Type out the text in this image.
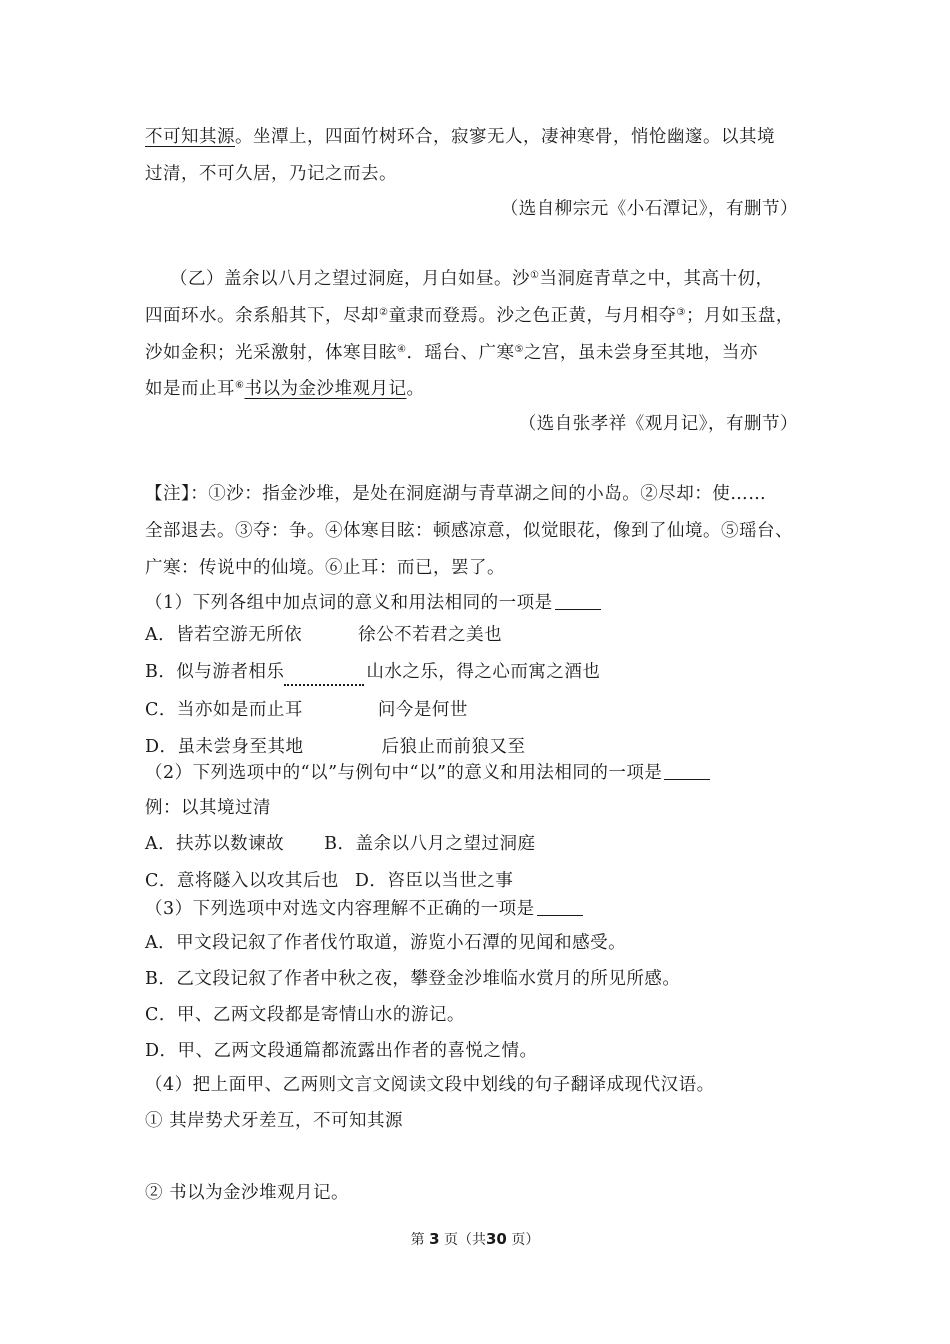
不可知其源。坐潭上，四面竹树环合，寂寥无人，凄神寒骨，悄怆幽邃。以其境
过清，不可久居，乃记之而去。
（选自柳宗元《小石潭记》，有删节）
（乙）盖余以八月之望过洞庭，月白如昼。沙①当洞庭青草之中，其高十仞，
四面环水。余系船其下，尽却②童隶而登焉。沙之色正黄，与月相夺③；月如玉盘，
沙如金积；光采激射，体寒目眩④．瑶台、广寒⑤之宫，虽未尝身至其地，当亦
如是而止耳⑥书以为金沙堆观月记。
（选自张孝祥《观月记》，有删节）
【注】：①沙：指金沙堆，是处在洞庭湖与青草湖之间的小岛。②尽却：使……
全部退去。③夺：争。④体寒目眩：顿感凉意，似觉眼花，像到了仙境。⑤瑶台、
广寒：传说中的仙境。⑥止耳：而已，罢了。
（1）下列各组中加点词的意义和用法相同的一项是
A．皆若空游无所依	徐公不若君之美也
B．似与游者相乐	山水之乐，得之心而寓之酒也
C．当亦如是而止耳	问今是何世
D．虽未尝身至其地	后狼止而前狼又至
（2）下列选项中的“以”与例句中“以”的意义和用法相同的一项是
例：以其境过清
A．扶苏以数谏故 B．盖余以八月之望过洞庭
C．意将隧入以攻其后也 D．咨臣以当世之事
（3）下列选项中对选文内容理解不正确的一项是
A．甲文段记叙了作者伐竹取道，游览小石潭的见闻和感受。
B．乙文段记叙了作者中秋之夜，攀登金沙堆临水赏月的所见所感。
C．甲、乙两文段都是寄情山水的游记。
D．甲、乙两文段通篇都流露出作者的喜悦之情。
（4）把上面甲、乙两则文言文阅读文段中划线的句子翻译成现代汉语。
① 其岸势犬牙差互，不可知其源
② 书以为金沙堆观月记。
第 3 页（共30 页）
